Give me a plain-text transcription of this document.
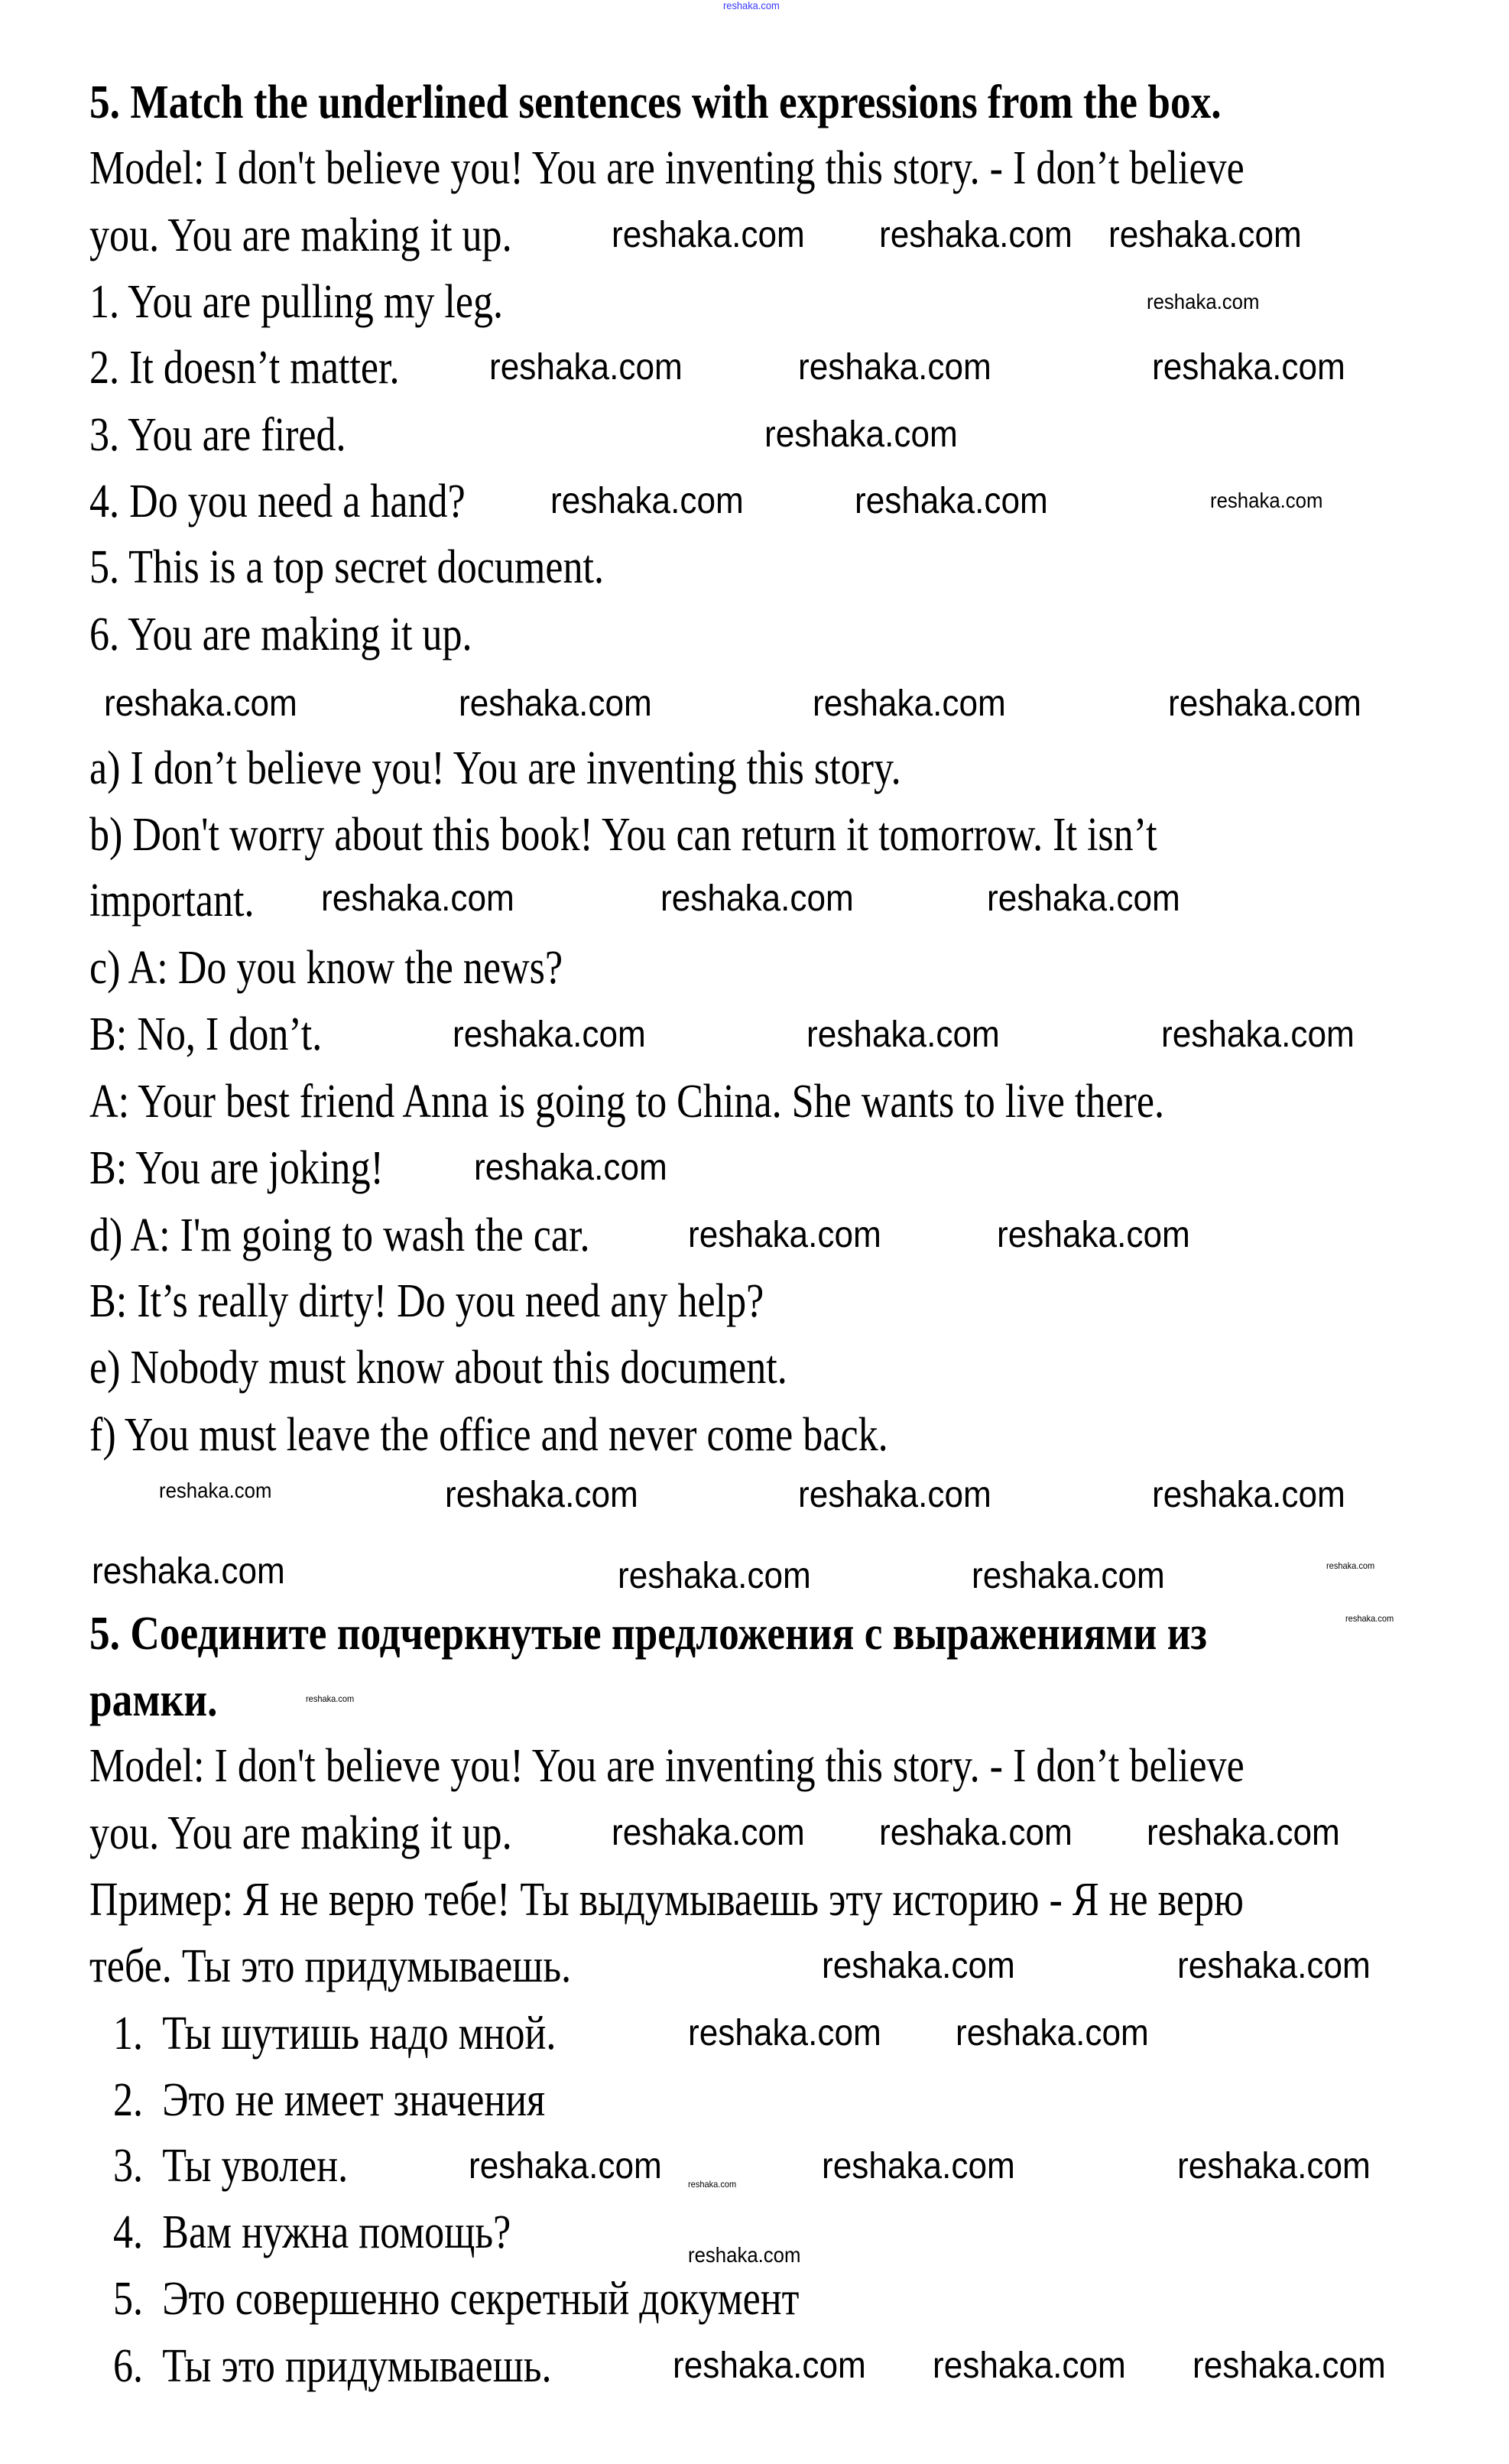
5. Match the underlined sentences with expressions from the box.
Model: I don't believe you! You are inventing this story. - I don’t believe
you. You are making it up.
1. You are pulling my leg.
2. It doesn’t matter.
3. You are fired.
4. Do you need a hand?
5. This is a top secret document.
6. You are making it up.
a) I don’t believe you! You are inventing this story.
b) Don't worry about this book! You can return it tomorrow. It isn’t
important.
c) A: Do you know the news?
B: No, I don’t.
A: Your best friend Anna is going to China. She wants to live there.
B: You are joking!
d) A: I'm going to wash the car.
B: It’s really dirty! Do you need any help?
e) Nobody must know about this document.
f) You must leave the office and never come back.
5. Соедините подчеркнутые предложения с выражениями из
рамки.
Model: I don't believe you! You are inventing this story. - I don’t believe
you. You are making it up.
Пример: Я не верю тебе! Ты выдумываешь эту историю - Я не верю
тебе. Ты это придумываешь.
1. Ты шутишь надо мной.
2. Это не имеет значения
3. Ты уволен.
4. Вам нужна помощь?
5. Это совершенно секретный документ
6. Ты это придумываешь.
reshaka.com
reshaka.com reshaka.com
reshaka.com
reshaka.com
reshaka.com	reshaka.com	reshaka.com
reshaka.com
reshaka.com	reshaka.com	reshaka.com
reshaka.com	reshaka.com	reshaka.com	reshaka.com
reshaka.com	reshaka.com	reshaka.com
reshaka.com	reshaka.com	reshaka.com
reshaka.com
reshaka.com	reshaka.com
reshaka.com	reshaka.com	reshaka.com	reshaka.com
reshaka.com	reshaka.com	reshaka.com
reshaka.com
reshaka.com
reshaka.com reshaka.com reshaka.com
reshaka.com
reshaka.com	reshaka.com
reshaka.com reshaka.com
reshaka.com	reshaka.com
reshaka.com
reshaka.com
reshaka.com reshaka.com reshaka.com
reshaka.com
